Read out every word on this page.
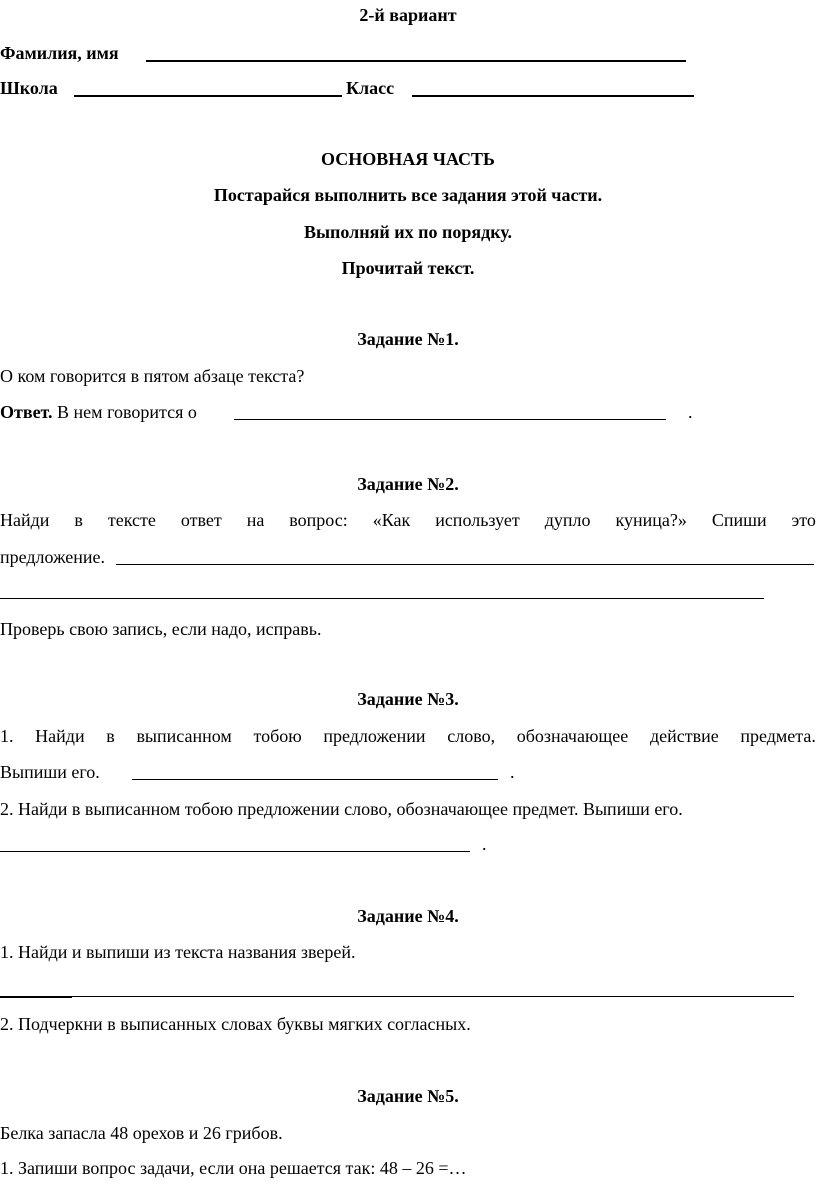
2-й вариант
Фамилия, имя
Школа	Класс
ОСНОВНАЯ ЧАСТЬ
Постарайся выполнить все задания этой части.
Выполняй их по порядку.
Прочитай текст.
Задание №1.
О ком говорится в пятом абзаце текста?
Ответ. В нем говорится о	.
Задание №2.
Найди в тексте ответ на вопрос: «Как использует дупло куница?» Спиши это
предложение.
Проверь свою запись, если надо, исправь.
Задание №3.
1. Найди в выписанном тобою предложении слово, обозначающее действие предмета.
Выпиши его.	.
2. Найди в выписанном тобою предложении слово, обозначающее предмет. Выпиши его.
.
Задание №4.
1. Найди и выпиши из текста названия зверей.
2. Подчеркни в выписанных словах буквы мягких согласных.
Задание №5.
Белка запасла 48 орехов и 26 грибов.
1. Запиши вопрос задачи, если она решается так: 48 – 26 =…
